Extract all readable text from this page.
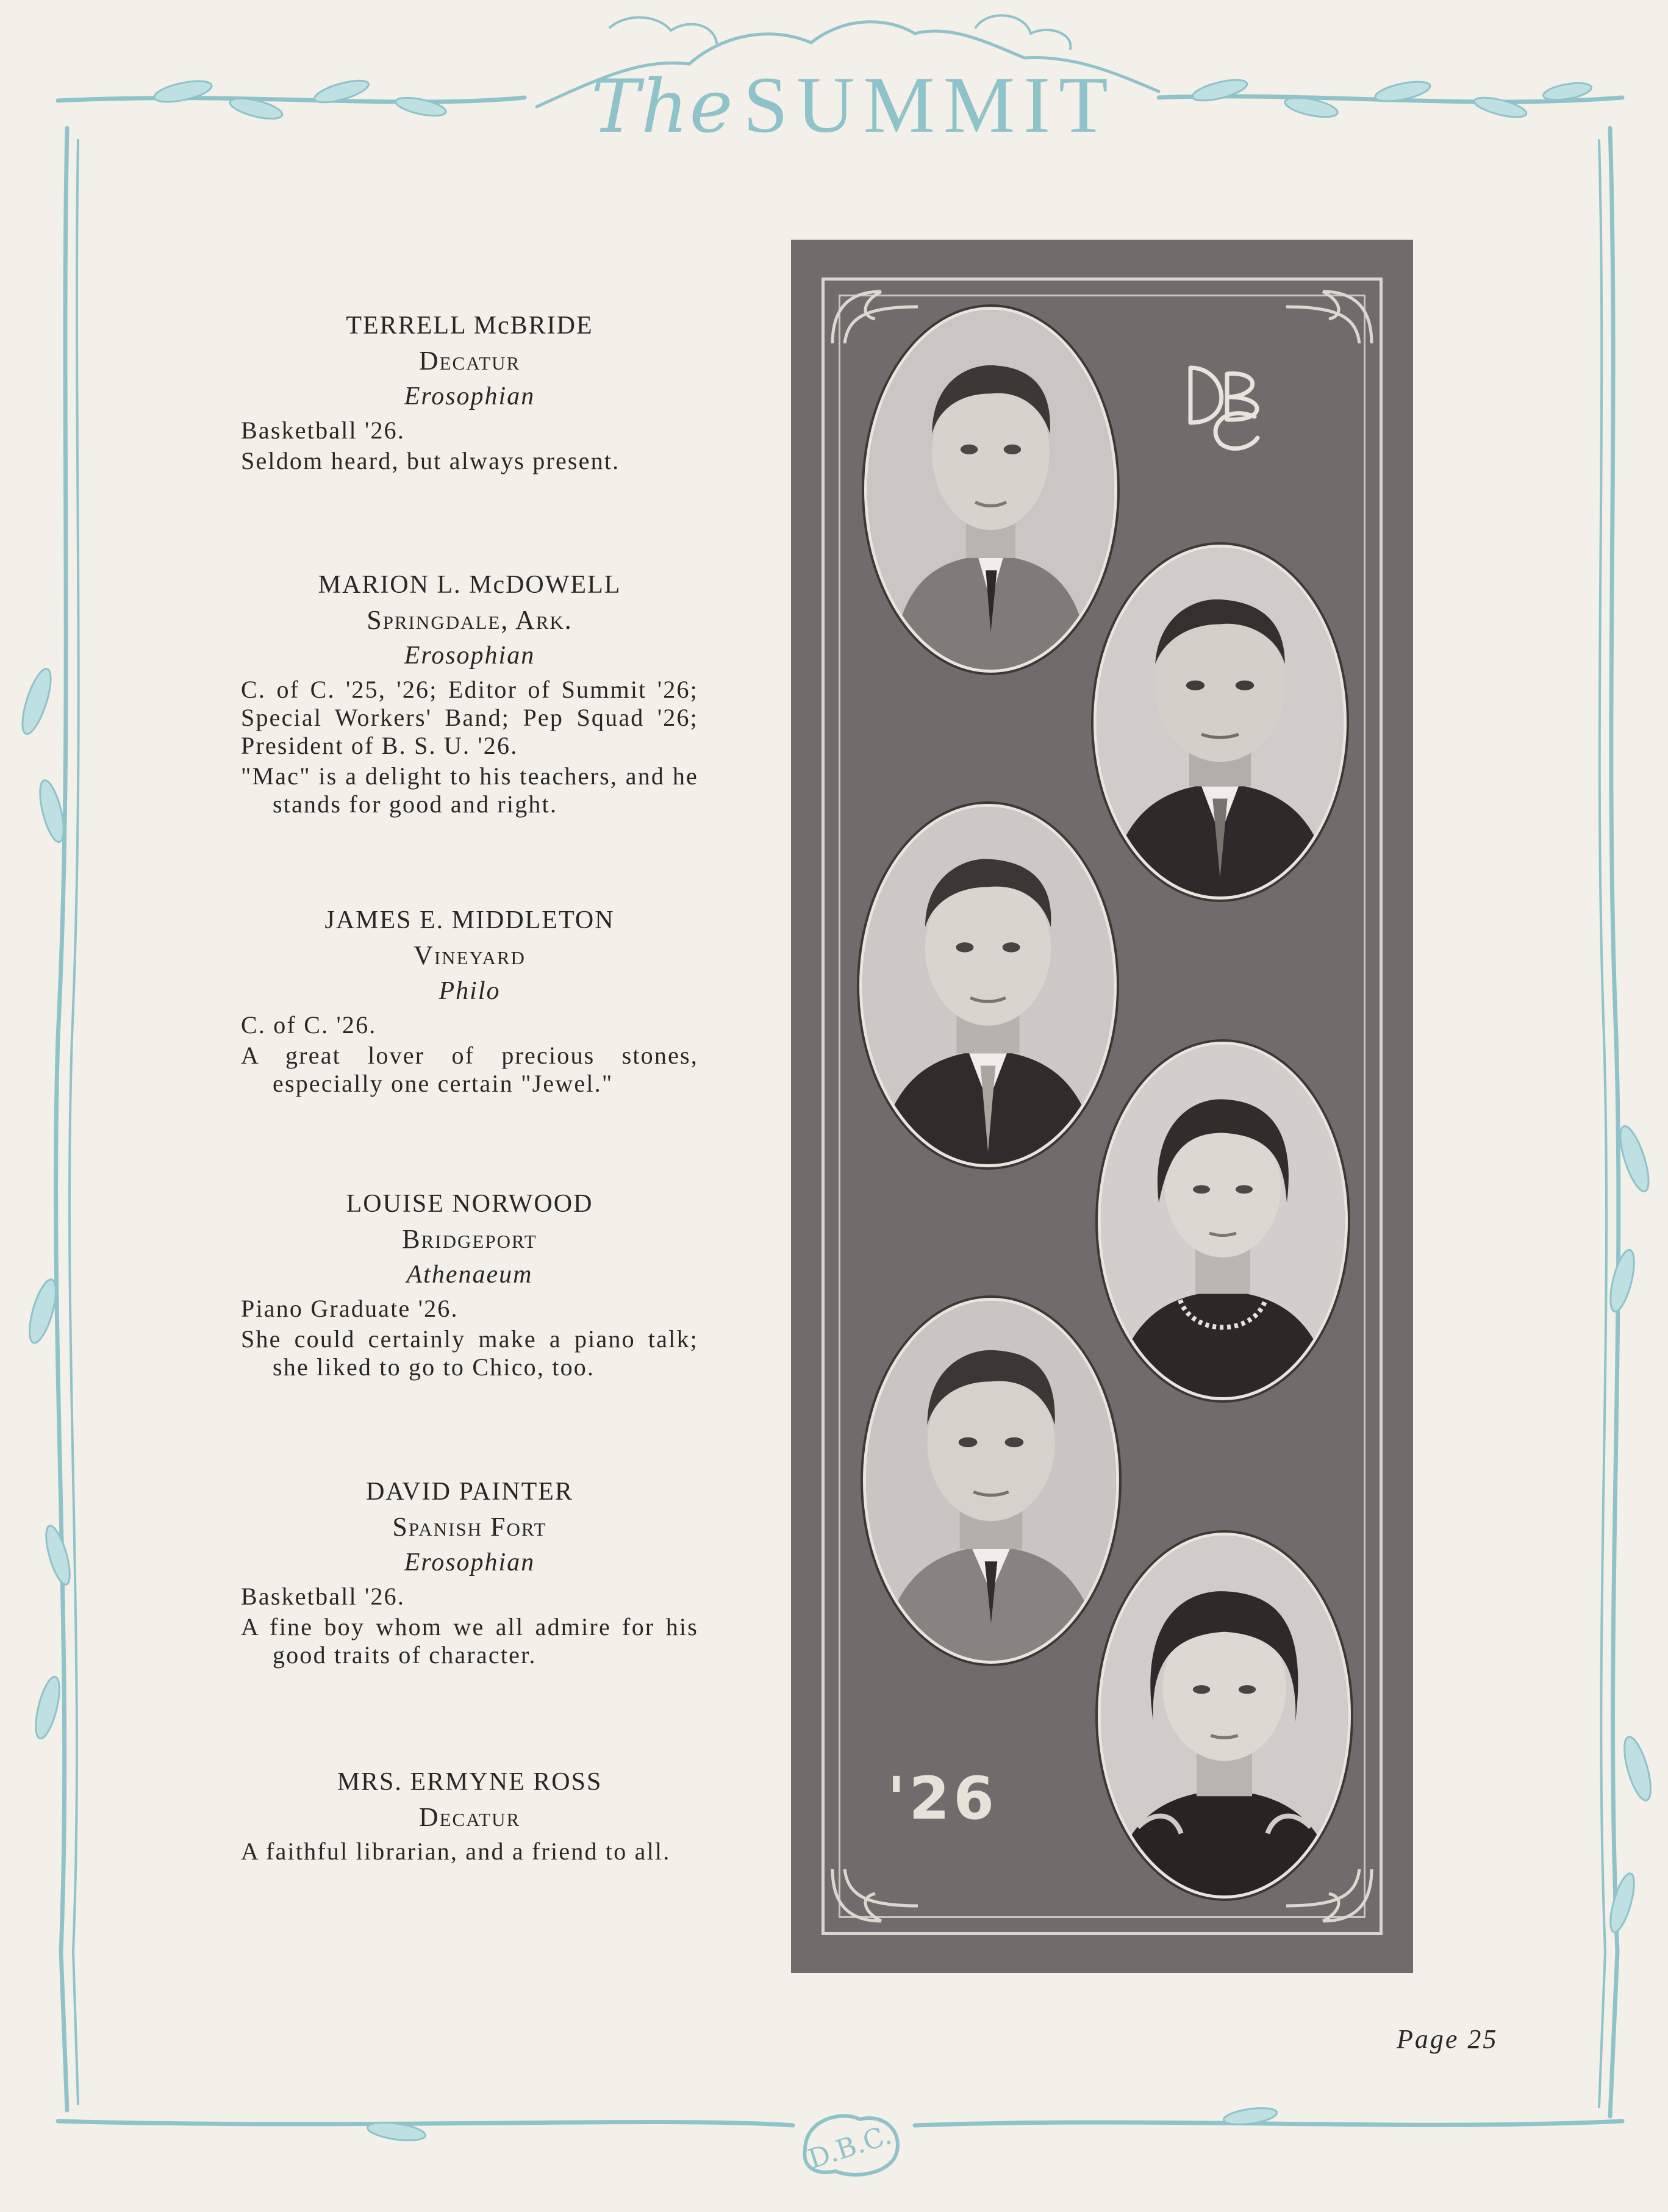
The SUMMIT
TERRELL McBRIDE
Decatur
Erosophian
Basketball '26.
Seldom heard, but always present.
MARION L. McDOWELL
Springdale, Ark.
Erosophian
C. of C. '25, '26; Editor of Summit '26; Special Workers' Band; Pep Squad '26; President of B. S. U. '26.
"Mac" is a delight to his teachers, and he stands for good and right.
JAMES E. MIDDLETON
Vineyard
Philo
C. of C. '26.
A great lover of precious stones, especially one certain "Jewel."
LOUISE NORWOOD
Bridgeport
Athenaeum
Piano Graduate '26.
She could certainly make a piano talk; she liked to go to Chico, too.
DAVID PAINTER
Spanish Fort
Erosophian
Basketball '26.
A fine boy whom we all admire for his good traits of character.
MRS. ERMYNE ROSS
Decatur
A faithful librarian, and a friend to all.
'26
Page 25
D.B.C.
